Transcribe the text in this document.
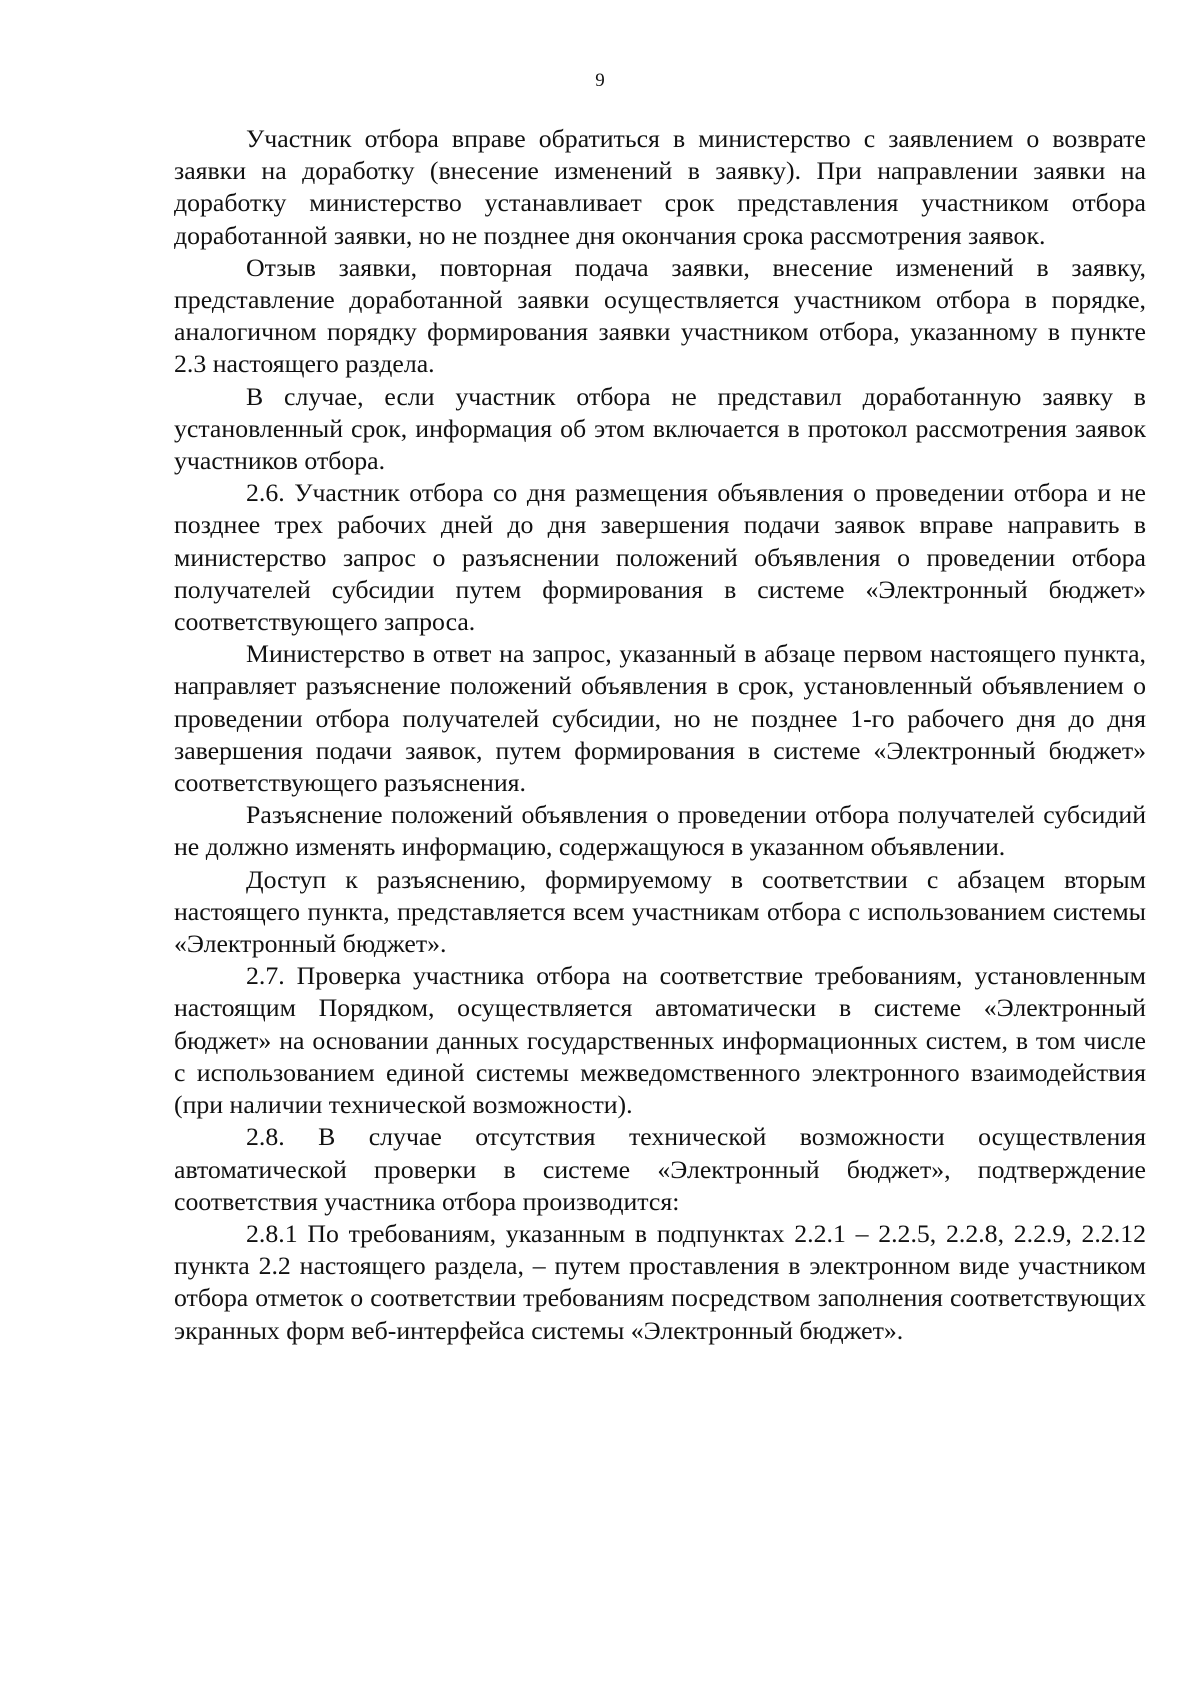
9

Участник отбора вправе обратиться в министерство с заявлением о возврате заявки на доработку (внесение изменений в заявку). При направлении заявки на доработку министерство устанавливает срок представления участником отбора доработанной заявки, но не позднее дня окончания срока рассмотрения заявок.

Отзыв заявки, повторная подача заявки, внесение изменений в заявку, представление доработанной заявки осуществляется участником отбора в порядке, аналогичном порядку формирования заявки участником отбора, указанному в пункте 2.3 настоящего раздела.

В случае, если участник отбора не представил доработанную заявку в установленный срок, информация об этом включается в протокол рассмотрения заявок участников отбора.

2.6. Участник отбора со дня размещения объявления о проведении отбора и не позднее трех рабочих дней до дня завершения подачи заявок вправе направить в министерство запрос о разъяснении положений объявления о проведении отбора получателей субсидии путем формирования в системе «Электронный бюджет» соответствующего запроса.

Министерство в ответ на запрос, указанный в абзаце первом настоящего пункта, направляет разъяснение положений объявления в срок, установленный объявлением о проведении отбора получателей субсидии, но не позднее 1-го рабочего дня до дня завершения подачи заявок, путем формирования в системе «Электронный бюджет» соответствующего разъяснения.

Разъяснение положений объявления о проведении отбора получателей субсидий не должно изменять информацию, содержащуюся в указанном объявлении.

Доступ к разъяснению, формируемому в соответствии с абзацем вторым настоящего пункта, представляется всем участникам отбора с использованием системы «Электронный бюджет».

2.7. Проверка участника отбора на соответствие требованиям, установленным настоящим Порядком, осуществляется автоматически в системе «Электронный бюджет» на основании данных государственных информационных систем, в том числе с использованием единой системы межведомственного электронного взаимодействия (при наличии технической возможности).

2.8. В случае отсутствия технической возможности осуществления автоматической проверки в системе «Электронный бюджет», подтверждение соответствия участника отбора производится:

2.8.1 По требованиям, указанным в подпунктах 2.2.1 – 2.2.5, 2.2.8, 2.2.9, 2.2.12 пункта 2.2 настоящего раздела, – путем проставления в электронном виде участником отбора отметок о соответствии требованиям посредством заполнения соответствующих экранных форм веб-интерфейса системы «Электронный бюджет».
